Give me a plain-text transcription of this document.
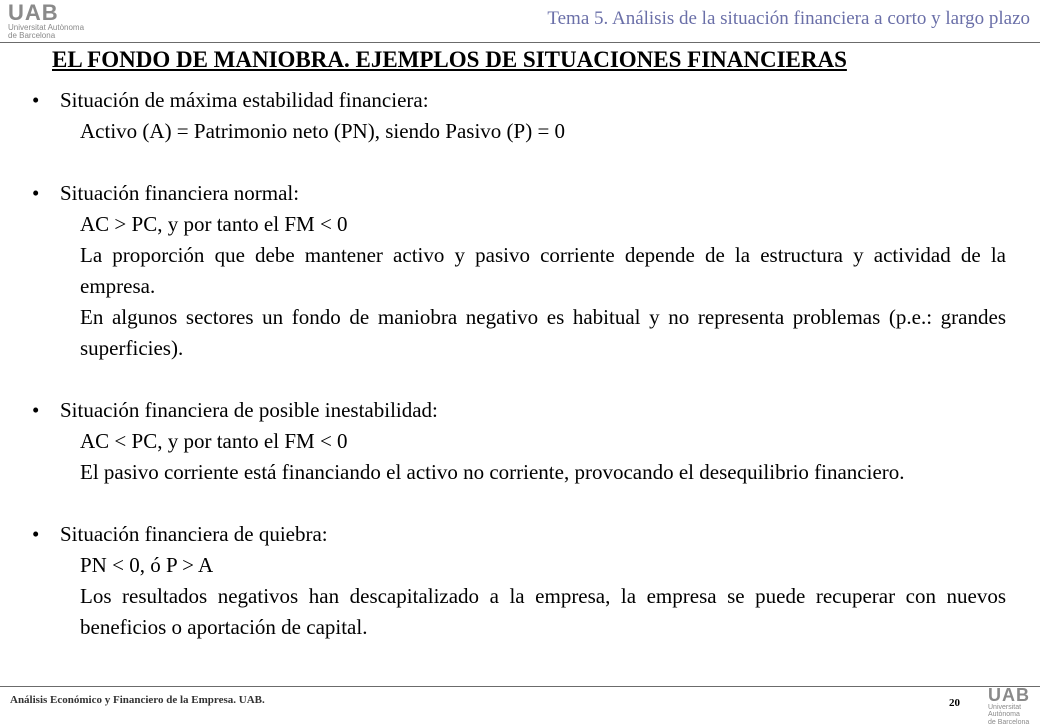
UAB
Universitat Autònoma
de Barcelona
Tema 5. Análisis de la situación financiera a corto y largo plazo
EL FONDO DE MANIOBRA. EJEMPLOS DE SITUACIONES FINANCIERAS
• Situación de máxima estabilidad financiera:
Activo (A) = Patrimonio neto (PN), siendo Pasivo (P) = 0
• Situación financiera normal:
AC > PC, y por tanto el FM < 0
La proporción que debe mantener activo y pasivo corriente depende de la estructura y actividad de la empresa.
En algunos sectores un fondo de maniobra negativo es habitual y no representa problemas (p.e.: grandes superficies).
• Situación financiera de posible inestabilidad:
AC < PC, y por tanto el FM < 0
El pasivo corriente está financiando el activo no corriente, provocando el desequilibrio financiero.
• Situación financiera de quiebra:
PN < 0, ó P > A
Los resultados negativos han descapitalizado a la empresa, la empresa se puede recuperar con nuevos beneficios o aportación de capital.
Análisis Económico y Financiero de la Empresa. UAB.	20 UAB
Universitat Autònoma
de Barcelona
